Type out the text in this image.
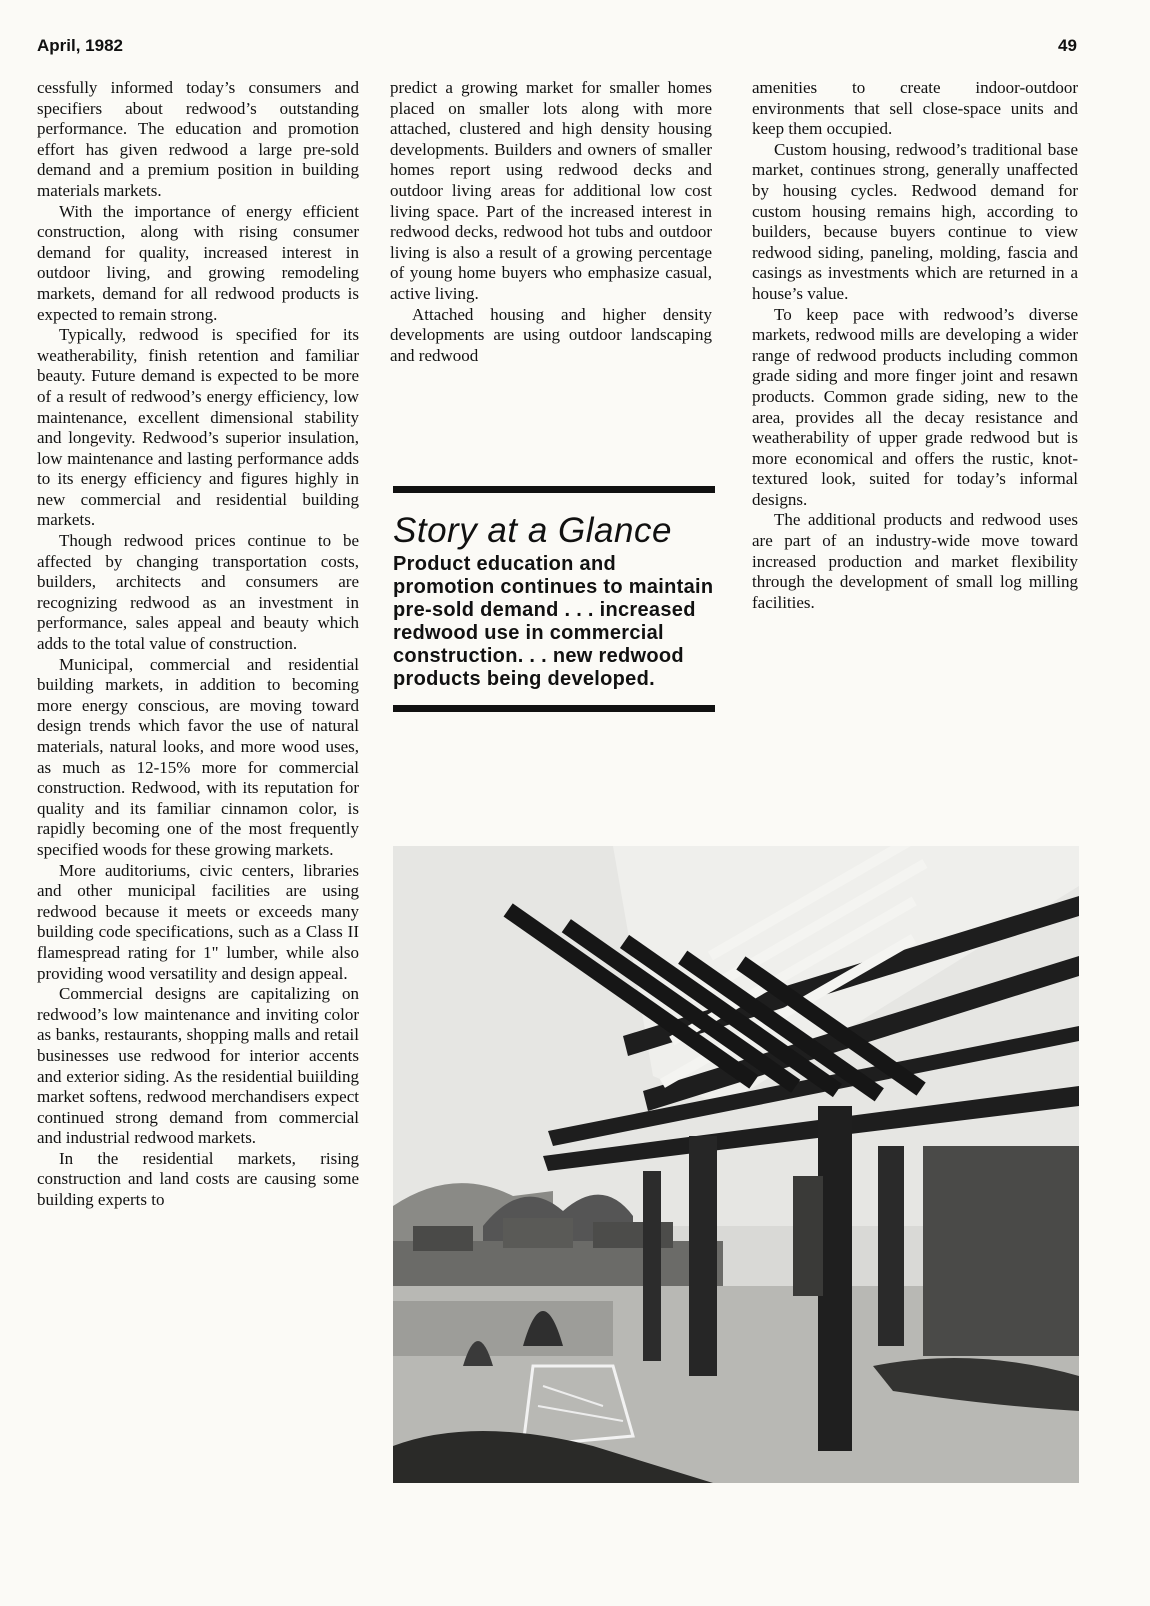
April, 1982	49

cessfully informed today’s consumers and specifiers about redwood’s outstanding performance. The education and promotion effort has given redwood a large pre-sold demand and a premium position in building materials markets.

With the importance of energy efficient construction, along with rising consumer demand for quality, increased interest in outdoor living, and growing remodeling markets, demand for all redwood products is expected to remain strong.

Typically, redwood is specified for its weatherability, finish retention and familiar beauty. Future demand is expected to be more of a result of redwood’s energy efficiency, low maintenance, excellent dimensional stability and longevity. Redwood’s superior insulation, low maintenance and lasting performance adds to its energy efficiency and figures highly in new commercial and residential building markets.

Though redwood prices continue to be affected by changing transportation costs, builders, architects and consumers are recognizing redwood as an investment in performance, sales appeal and beauty which adds to the total value of construction.

Municipal, commercial and residential building markets, in addition to becoming more energy conscious, are moving toward design trends which favor the use of natural materials, natural looks, and more wood uses, as much as 12-15% more for commercial construction. Redwood, with its reputation for quality and its familiar cinnamon color, is rapidly becoming one of the most frequently specified woods for these growing markets.

More auditoriums, civic centers, libraries and other municipal facilities are using redwood because it meets or exceeds many building code specifications, such as a Class II flamespread rating for 1" lumber, while also providing wood versatility and design appeal.

Commercial designs are capitalizing on redwood’s low maintenance and inviting color as banks, restaurants, shopping malls and retail businesses use redwood for interior accents and exterior siding. As the residential buiilding market softens, redwood merchandisers expect continued strong demand from commercial and industrial redwood markets.

In the residential markets, rising construction and land costs are causing some building experts to

predict a growing market for smaller homes placed on smaller lots along with more attached, clustered and high density housing developments. Builders and owners of smaller homes report using redwood decks and outdoor living areas for additional low cost living space. Part of the increased interest in redwood decks, redwood hot tubs and outdoor living is also a result of a growing percentage of young home buyers who emphasize casual, active living.

Attached housing and higher density developments are using outdoor landscaping and redwood

Story at a Glance
Product education and promotion continues to maintain pre-sold demand . . . increased redwood use in commercial construction. . . new redwood products being developed.

amenities to create indoor-outdoor environments that sell close-space units and keep them occupied.

Custom housing, redwood’s traditional base market, continues strong, generally unaffected by housing cycles. Redwood demand for custom housing remains high, according to builders, because buyers continue to view redwood siding, paneling, molding, fascia and casings as investments which are returned in a house’s value.

To keep pace with redwood’s diverse markets, redwood mills are developing a wider range of redwood products including common grade siding and more finger joint and resawn products. Common grade siding, new to the area, provides all the decay resistance and weatherability of upper grade redwood but is more economical and offers the rustic, knot-textured look, suited for today’s informal designs.

The additional products and redwood uses are part of an industry-wide move toward increased production and market flexibility through the development of small log milling facilities.
